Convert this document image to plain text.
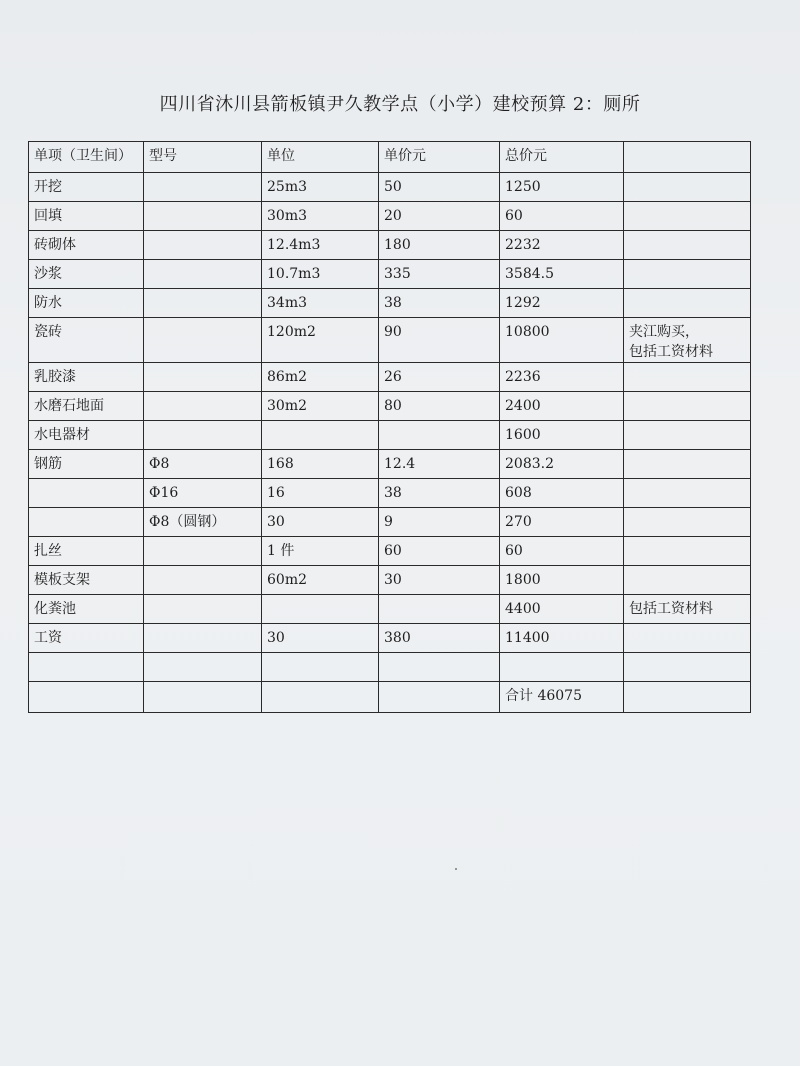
四川省沐川县箭板镇尹久教学点（小学）建校预算 2：厕所
单项（卫生间）	型号	单位	单价元	总价元	
开挖		25m3	50	1250	
回填		30m3	20	60	
砖砌体		12.4m3	180	2232	
沙浆		10.7m3	335	3584.5	
防水		34m3	38	1292	
瓷砖		120m2	90	10800	夹江购买，
包括工资材料

乳胶漆		86m2	26	2236	
水磨石地面		30m2	80	2400	
水电器材				1600	
钢筋	Φ8	168	12.4	2083.2	
	Φ16	16	38	608	
	Φ8（圆钢）	30	9	270	
扎丝		1 件	60	60	
模板支架		60m2	30	1800	
化粪池				4400	包括工资材料
工资		30	380	11400	

				合计 46075	
